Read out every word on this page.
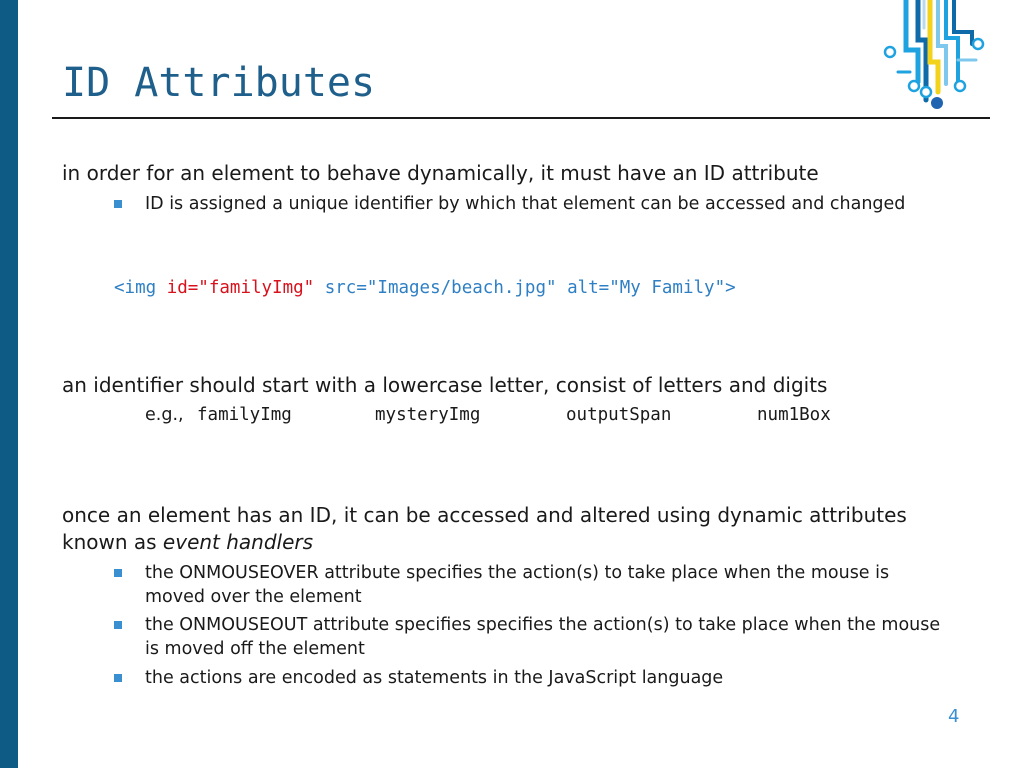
ID Attributes
in order for an element to behave dynamically, it must have an ID attribute
ID is assigned a unique identifier by which that element can be accessed and changed
<img id="familyImg" src="Images/beach.jpg" alt="My Family">
an identifier should start with a lowercase letter, consist of letters and digits
e.g., familyImg	mysteryImg	outputSpan	num1Box
once an element has an ID, it can be accessed and altered using dynamic attributes known as event handlers
the ONMOUSEOVER attribute specifies the action(s) to take place when the mouse is moved over the element
the ONMOUSEOUT attribute specifies specifies the action(s) to take place when the mouse is moved off the element
the actions are encoded as statements in the JavaScript language
4
